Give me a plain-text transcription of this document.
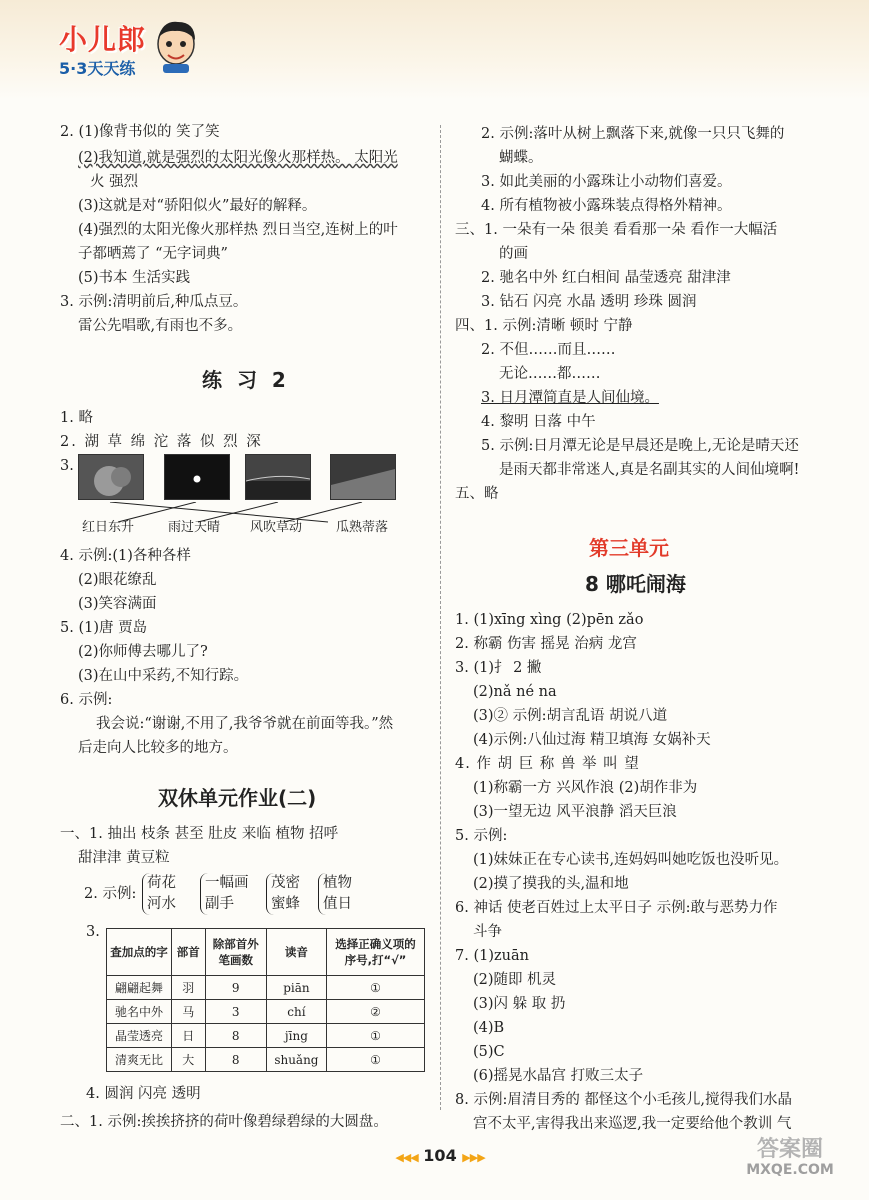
小儿郎
5·3天天练
2. (1)像背书似的 笑了笑
(2)我知道,就是强烈的太阳光像火那样热。 太阳光
火 强烈
(3)这就是对“骄阳似火”最好的解释。
(4)强烈的太阳光像火那样热 烈日当空,连树上的叶
子都晒蔫了 “无字词典”
(5)书本 生活实践
3. 示例:清明前后,种瓜点豆。
雷公先唱歌,有雨也不多。
练 习 2
1. 略
2. 湖 草 绵 沱 落 似 烈 深
3.
红日东升	雨过天晴 风吹草动	瓜熟蒂落
4. 示例:(1)各种各样
(2)眼花缭乱
(3)笑容满面
5. (1)唐 贾岛
(2)你师傅去哪儿了?
(3)在山中采药,不知行踪。
6. 示例:
我会说:“谢谢,不用了,我爷爷就在前面等我。”然
后走向人比较多的地方。
双休单元作业(二)
一、1. 抽出 枝条 甚至 肚皮 来临 植物 招呼
甜津津 黄豆粒
2. 示例:
荷花
河水
一幅画
副手
茂密
蜜蜂
植物
值日
3.
查加点的字	部首	除部首外笔画数	读音	选择正确义项的序号,打“√”
翩翩起舞	羽	9	piān	①
驰名中外	马	3	chí	②
晶莹透亮	日	8	jīng	①
清爽无比	大	8	shuǎng	①
4. 圆润 闪亮 透明
二、1. 示例:挨挨挤挤的荷叶像碧绿碧绿的大圆盘。
2. 示例:落叶从树上飘落下来,就像一只只飞舞的
蝴蝶。
3. 如此美丽的小露珠让小动物们喜爱。
4. 所有植物被小露珠装点得格外精神。
三、1. 一朵有一朵 很美 看看那一朵 看作一大幅活
的画
2. 驰名中外 红白相间 晶莹透亮 甜津津
3. 钻石 闪亮 水晶 透明 珍珠 圆润
四、1. 示例:清晰 顿时 宁静
2. 不但……而且……
无论……都……
3. 日月潭简直是人间仙境。
4. 黎明 日落 中午
5. 示例:日月潭无论是早晨还是晚上,无论是晴天还
是雨天都非常迷人,真是名副其实的人间仙境啊!
五、略
第三单元
8 哪吒闹海
1. (1)xīng xìng (2)pēn zǎo
2. 称霸 伤害 摇晃 治病 龙宫
3. (1)扌 2 撇
(2)nǎ né na
(3)② 示例:胡言乱语 胡说八道
(4)示例:八仙过海 精卫填海 女娲补天
4. 作 胡 巨 称 兽 举 叫 望
(1)称霸一方 兴风作浪 (2)胡作非为
(3)一望无边 风平浪静 滔天巨浪
5. 示例:
(1)妹妹正在专心读书,连妈妈叫她吃饭也没听见。
(2)摸了摸我的头,温和地
6. 神话 使老百姓过上太平日子 示例:敢与恶势力作
斗争
7. (1)zuān
(2)随即 机灵
(3)闪 躲 取 扔
(4)B
(5)C
(6)摇晃水晶宫 打败三太子
8. 示例:眉清目秀的 都怪这个小毛孩儿,搅得我们水晶
宫不太平,害得我出来巡逻,我一定要给他个教训 气
◀◀◀ 104 ▶▶▶	答案圈
MXQE.COM
